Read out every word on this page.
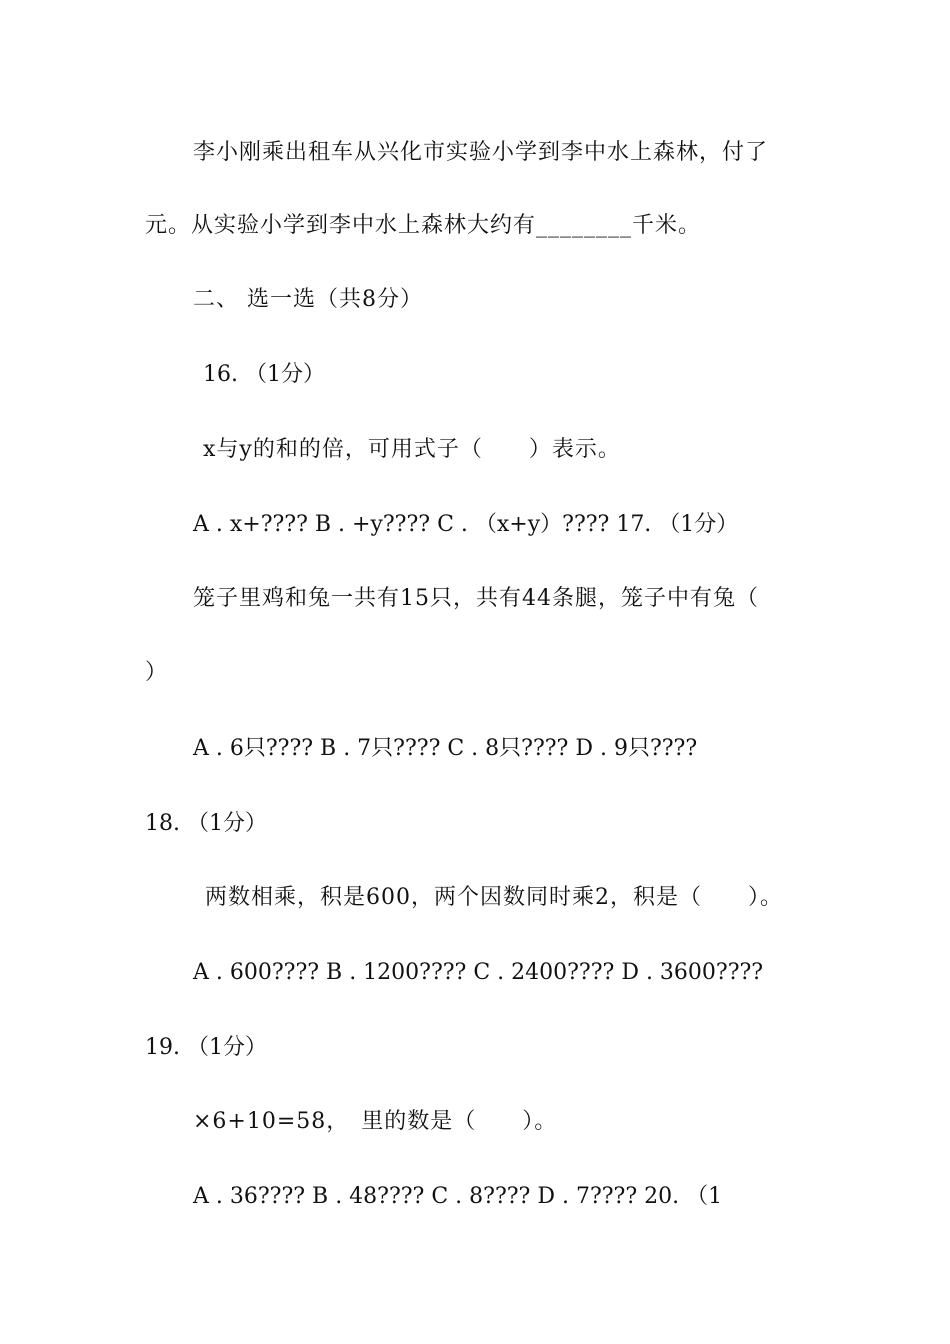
李小刚乘出租车从兴化市实验小学到李中水上森林，付了
元。从实验小学到李中水上森林大约有________千米。
二、 选一选（共8分）
16. （1分）
x与y的和的倍，可用式子（　　）表示。
A . x+???? B . +y???? C . （x+y）???? 17. （1分）
笼子里鸡和兔一共有15只，共有44条腿，笼子中有兔（
）
A . 6只???? B . 7只???? C . 8只???? D . 9只????
18. （1分）
两数相乘，积是600，两个因数同时乘2，积是（　　）。
A . 600???? B . 1200???? C . 2400???? D . 3600????
19. （1分）
×6+10=58，　里的数是（　　）。
A . 36???? B . 48???? C . 8???? D . 7???? 20. （1
